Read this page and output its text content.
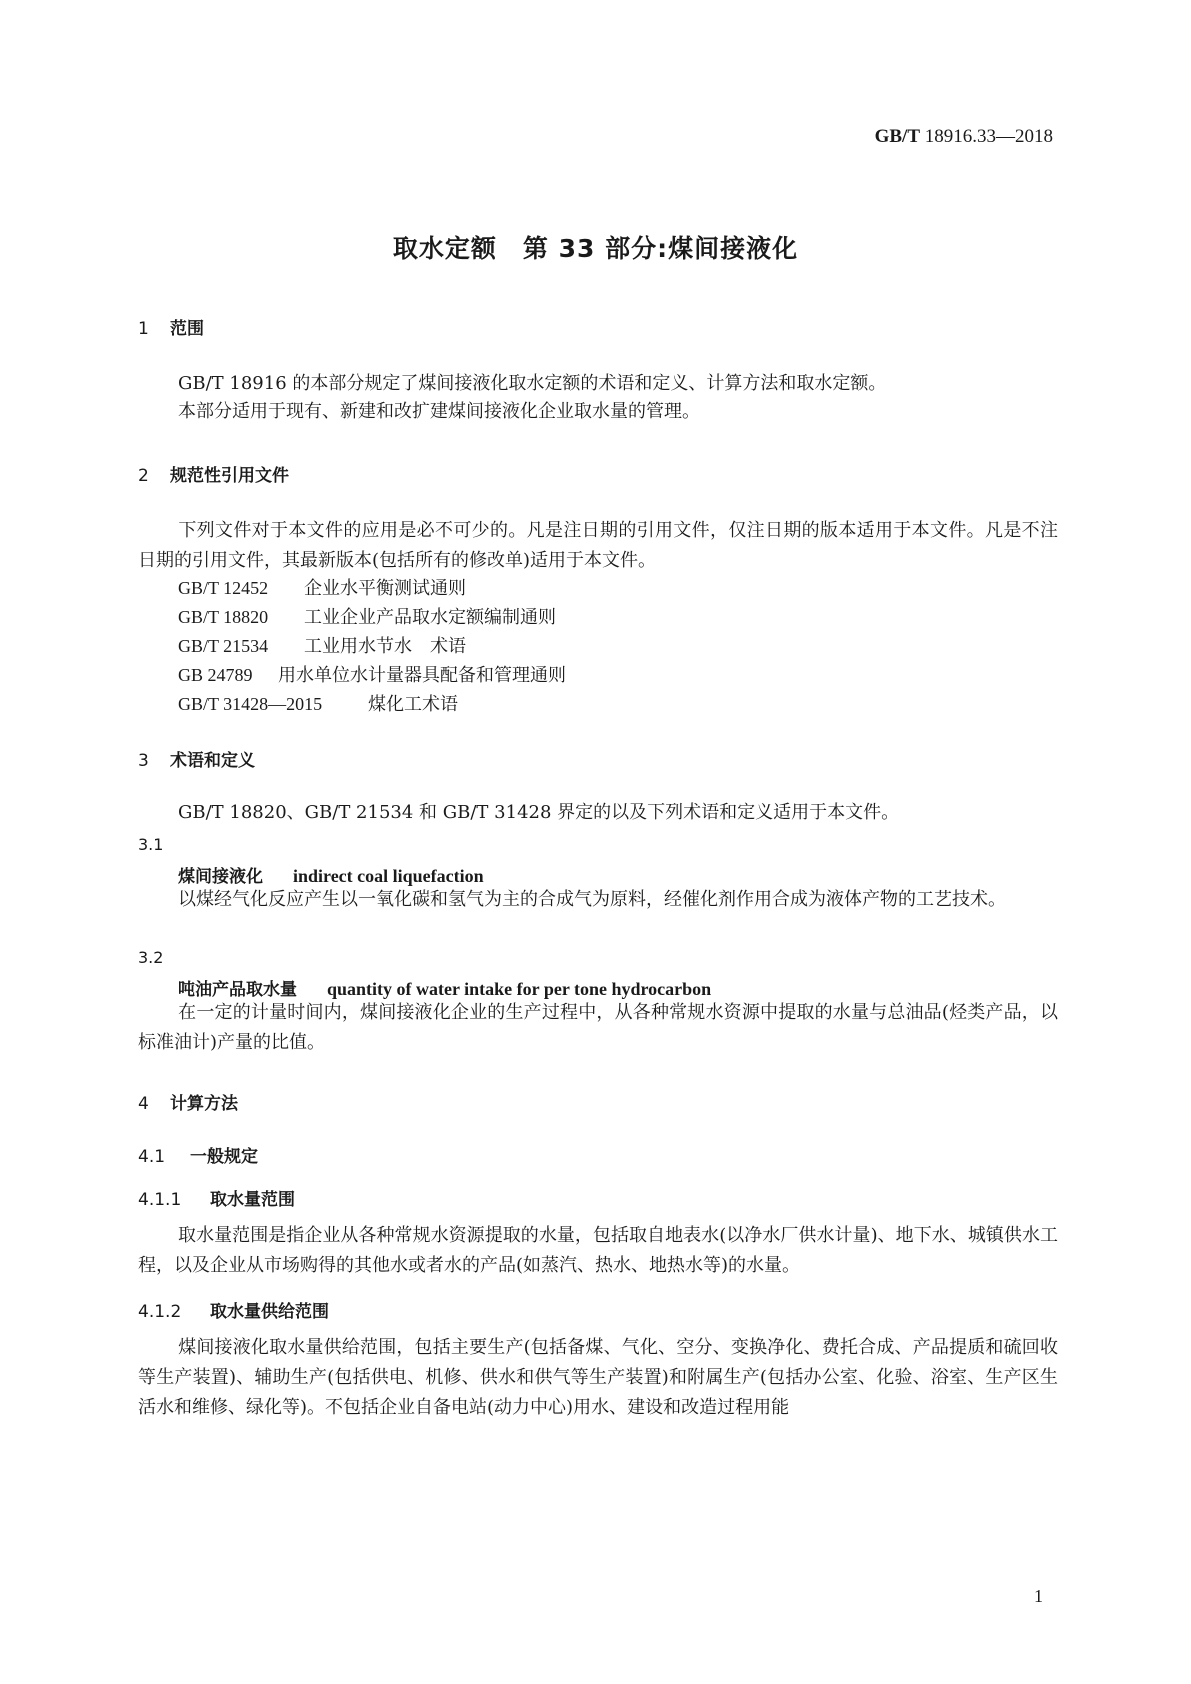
GB/T 18916.33—2018
取水定额　第 33 部分:煤间接液化
1 范围
GB/T 18916 的本部分规定了煤间接液化取水定额的术语和定义、计算方法和取水定额。
本部分适用于现有、新建和改扩建煤间接液化企业取水量的管理。
2 规范性引用文件
下列文件对于本文件的应用是必不可少的。凡是注日期的引用文件，仅注日期的版本适用于本文件。凡是不注日期的引用文件，其最新版本(包括所有的修改单)适用于本文件。
GB/T 12452 企业水平衡测试通则
GB/T 18820 工业企业产品取水定额编制通则
GB/T 21534 工业用水节水　术语
GB 24789 用水单位水计量器具配备和管理通则
GB/T 31428—2015	煤化工术语
3 术语和定义
GB/T 18820、GB/T 21534 和 GB/T 31428 界定的以及下列术语和定义适用于本文件。
3.1
煤间接液化 indirect coal liquefaction
以煤经气化反应产生以一氧化碳和氢气为主的合成气为原料，经催化剂作用合成为液体产物的工艺技术。
3.2
吨油产品取水量 quantity of water intake for per tone hydrocarbon
在一定的计量时间内，煤间接液化企业的生产过程中，从各种常规水资源中提取的水量与总油品(烃类产品，以标准油计)产量的比值。
4 计算方法
4.1 一般规定
4.1.1 取水量范围
取水量范围是指企业从各种常规水资源提取的水量，包括取自地表水(以净水厂供水计量)、地下水、城镇供水工程，以及企业从市场购得的其他水或者水的产品(如蒸汽、热水、地热水等)的水量。
4.1.2 取水量供给范围
煤间接液化取水量供给范围，包括主要生产(包括备煤、气化、空分、变换净化、费托合成、产品提质和硫回收等生产装置)、辅助生产(包括供电、机修、供水和供气等生产装置)和附属生产(包括办公室、化验、浴室、生产区生活水和维修、绿化等)。不包括企业自备电站(动力中心)用水、建设和改造过程用能
1
